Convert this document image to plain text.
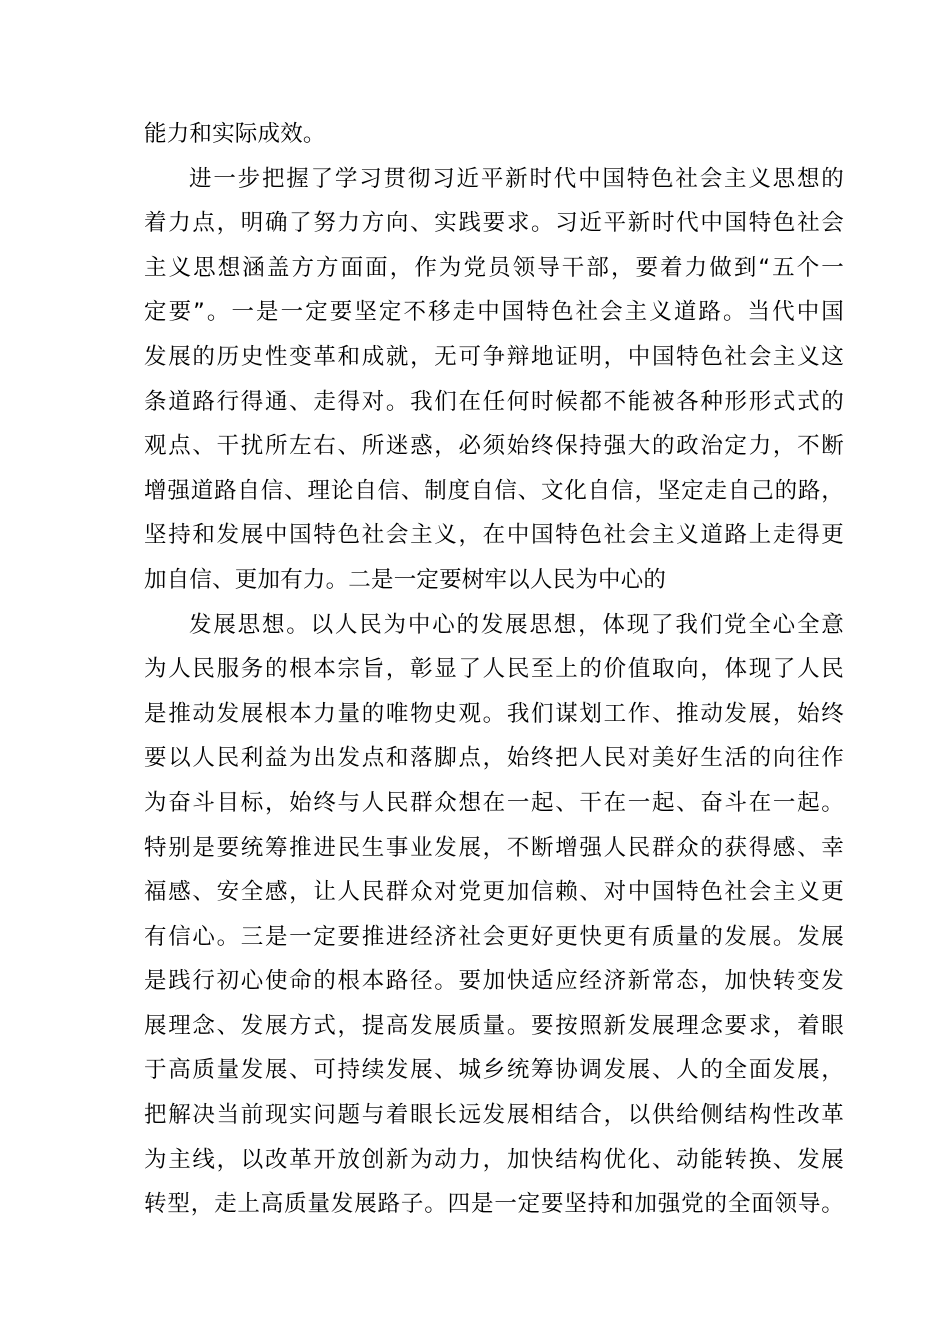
能力和实际成效。
进一步把握了学习贯彻习近平新时代中国特色社会主义思想的
着力点，明确了努力方向、实践要求。习近平新时代中国特色社会
主义思想涵盖方方面面，作为党员领导干部，要着力做到“五个一
定要”。一是一定要坚定不移走中国特色社会主义道路。当代中国
发展的历史性变革和成就，无可争辩地证明，中国特色社会主义这
条道路行得通、走得对。我们在任何时候都不能被各种形形式式的
观点、干扰所左右、所迷惑，必须始终保持强大的政治定力，不断
增强道路自信、理论自信、制度自信、文化自信，坚定走自己的路，
坚持和发展中国特色社会主义，在中国特色社会主义道路上走得更
加自信、更加有力。二是一定要树牢以人民为中心的
发展思想。以人民为中心的发展思想，体现了我们党全心全意
为人民服务的根本宗旨，彰显了人民至上的价值取向，体现了人民
是推动发展根本力量的唯物史观。我们谋划工作、推动发展，始终
要以人民利益为出发点和落脚点，始终把人民对美好生活的向往作
为奋斗目标，始终与人民群众想在一起、干在一起、奋斗在一起。
特别是要统筹推进民生事业发展，不断增强人民群众的获得感、幸
福感、安全感，让人民群众对党更加信赖、对中国特色社会主义更
有信心。三是一定要推进经济社会更好更快更有质量的发展。发展
是践行初心使命的根本路径。要加快适应经济新常态，加快转变发
展理念、发展方式，提高发展质量。要按照新发展理念要求，着眼
于高质量发展、可持续发展、城乡统筹协调发展、人的全面发展，
把解决当前现实问题与着眼长远发展相结合，以供给侧结构性改革
为主线，以改革开放创新为动力，加快结构优化、动能转换、发展
转型，走上高质量发展路子。四是一定要坚持和加强党的全面领导。
